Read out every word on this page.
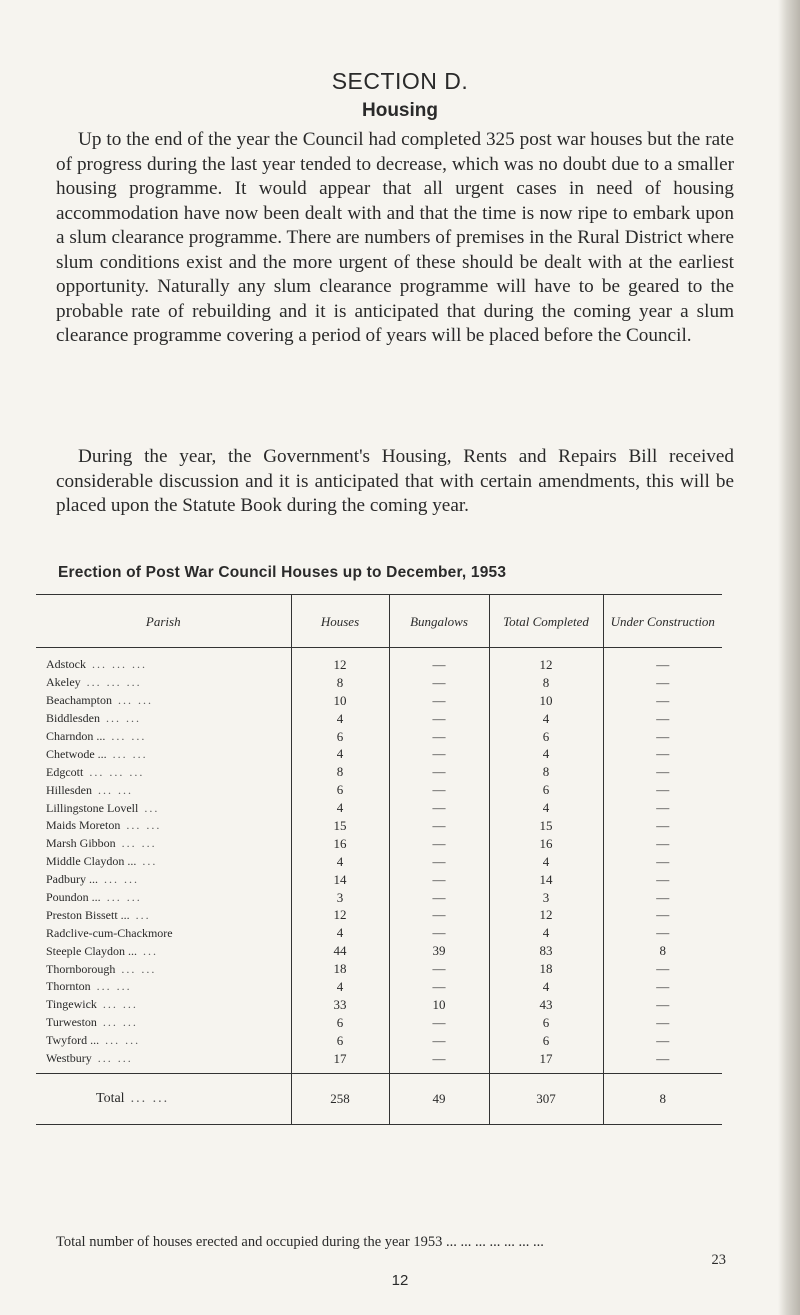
SECTION D.
Housing

Up to the end of the year the Council had completed 325 post war houses but the rate of progress during the last year tended to decrease, which was no doubt due to a smaller housing programme. It would appear that all urgent cases in need of housing accommodation have now been dealt with and that the time is now ripe to embark upon a slum clearance programme. There are numbers of premises in the Rural District where slum conditions exist and the more urgent of these should be dealt with at the earliest opportunity. Naturally any slum clearance programme will have to be geared to the probable rate of rebuilding and it is anticipated that during the coming year a slum clearance programme covering a period of years will be placed before the Council.

During the year, the Government's Housing, Rents and Repairs Bill received considerable discussion and it is anticipated that with certain amendments, this will be placed upon the Statute Book during the coming year.

Erection of Post War Council Houses up to December, 1953
Parish	Houses	Bungalows	Total Completed	Under Construction

Adstock ... ... ...	12	—	12	—

Akeley ... ... ...	8	—	8	—

Beachampton ... ...	10	—	10	—

Biddlesden ... ...	4	—	4	—

Charndon ... ... ...	6	—	6	—

Chetwode ... ... ...	4	—	4	—

Edgcott ... ... ...	8	—	8	—

Hillesden ... ...	6	—	6	—

Lillingstone Lovell ...	4	—	4	—

Maids Moreton ... ...	15	—	15	—

Marsh Gibbon ... ...	16	—	16	—

Middle Claydon ... ...	4	—	4	—

Padbury ... ... ...	14	—	14	—

Poundon ... ... ...	3	—	3	—

Preston Bissett ... ...	12	—	12	—

Radclive-cum-Chackmore	4	—	4	—

Steeple Claydon ... ...	44	39	83	8

Thornborough ... ...	18	—	18	—

Thornton ... ...	4	—	4	—

Tingewick ... ...	33	10	43	—

Turweston ... ...	6	—	6	—

Twyford ... ... ...	6	—	6	—

Westbury ... ...	17	—	17	—

Total ... ...	258	49	307	8
Total number of houses erected and occupied during the year 1953 ... ... ... ... ... ... ...
23
12
